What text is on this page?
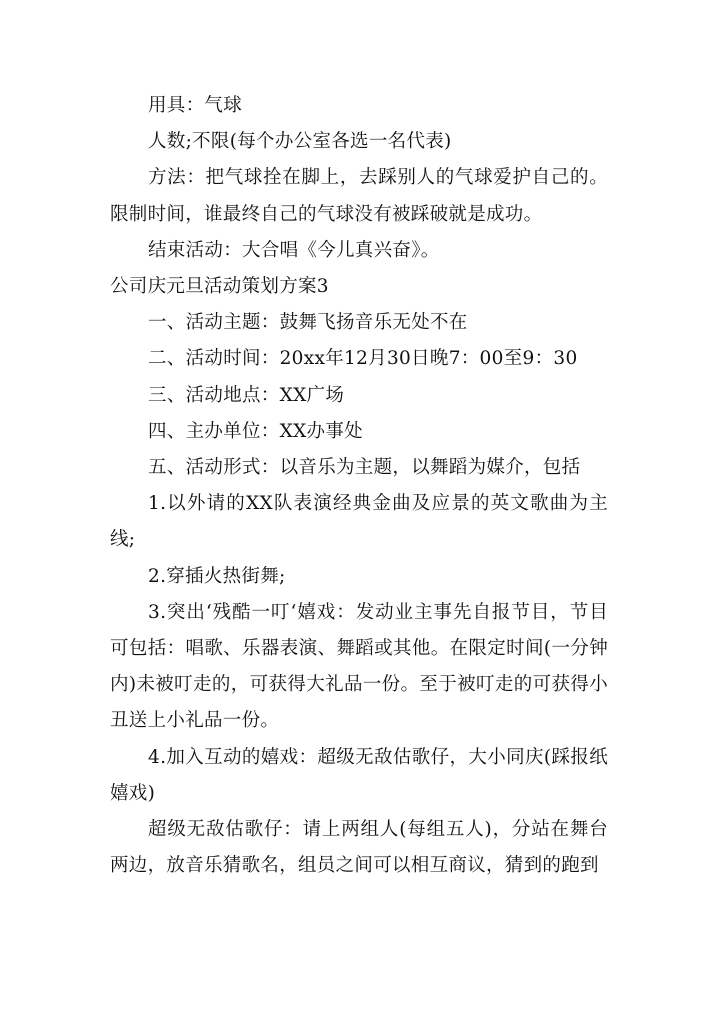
用具：气球

人数;不限(每个办公室各选一名代表)

方法：把气球拴在脚上，去踩别人的气球爱护自己的。限制时间，谁最终自己的气球没有被踩破就是成功。

结束活动：大合唱《今儿真兴奋》。

公司庆元旦活动策划方案3

一、活动主题：鼓舞飞扬音乐无处不在

二、活动时间：20xx年12月30日晚7：00至9：30

三、活动地点：XX广场

四、主办单位：XX办事处

五、活动形式：以音乐为主题，以舞蹈为媒介，包括

1.以外请的XX队表演经典金曲及应景的英文歌曲为主线;

2.穿插火热街舞;

3.突出‘残酷一叮‘嬉戏：发动业主事先自报节目，节目可包括：唱歌、乐器表演、舞蹈或其他。在限定时间(一分钟内)未被叮走的，可获得大礼品一份。至于被叮走的可获得小丑送上小礼品一份。

4.加入互动的嬉戏：超级无敌估歌仔，大小同庆(踩报纸嬉戏)

超级无敌估歌仔：请上两组人(每组五人)，分站在舞台两边，放音乐猜歌名，组员之间可以相互商议，猜到的跑到
